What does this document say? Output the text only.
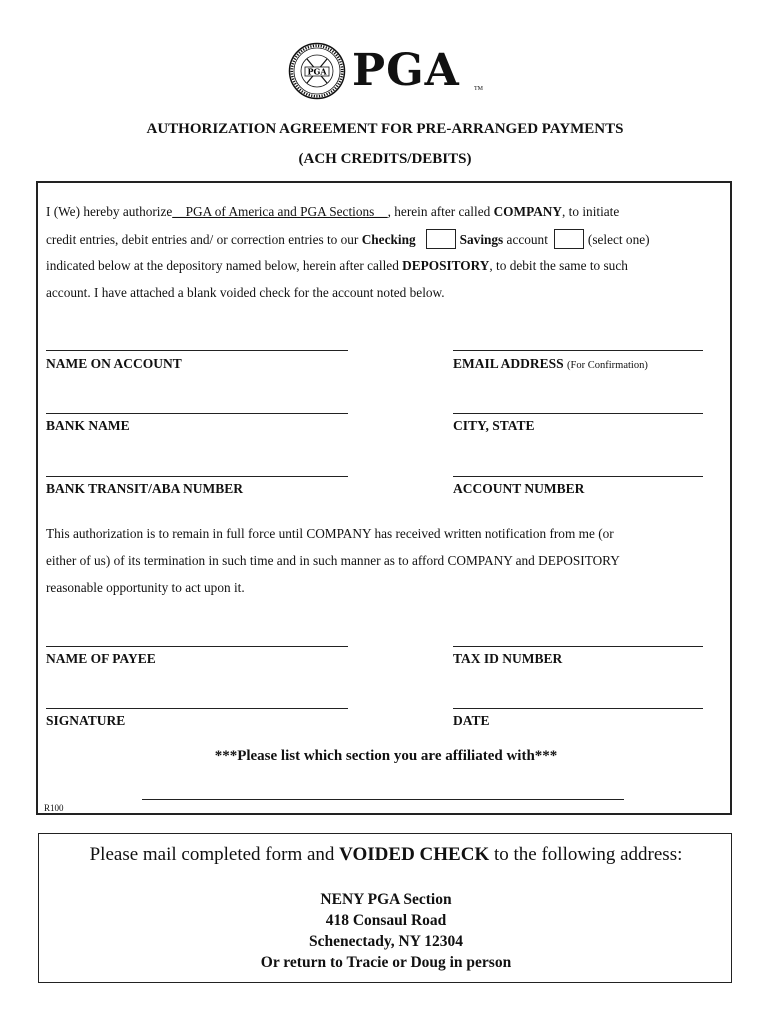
PGA PGA TM
AUTHORIZATION AGREEMENT FOR PRE-ARRANGED PAYMENTS
(ACH CREDITS/DEBITS)
I (We) hereby authorize__PGA of America and PGA Sections__, herein after called COMPANY, to initiate
credit entries, debit entries and/ or correction entries to our Checking	Savings account	(select one)
indicated below at the depository named below, herein after called DEPOSITORY, to debit the same to such
account. I have attached a blank voided check for the account noted below.
NAME ON ACCOUNT	EMAIL ADDRESS (For Confirmation)
BANK NAME	CITY, STATE
BANK TRANSIT/ABA NUMBER	ACCOUNT NUMBER
This authorization is to remain in full force until COMPANY has received written notification from me (or
either of us) of its termination in such time and in such manner as to afford COMPANY and DEPOSITORY
reasonable opportunity to act upon it.
NAME OF PAYEE	TAX ID NUMBER
SIGNATURE	DATE
***Please list which section you are affiliated with***
R100
Please mail completed form and VOIDED CHECK to the following address:
NENY PGA Section
418 Consaul Road
Schenectady, NY 12304
Or return to Tracie or Doug in person
